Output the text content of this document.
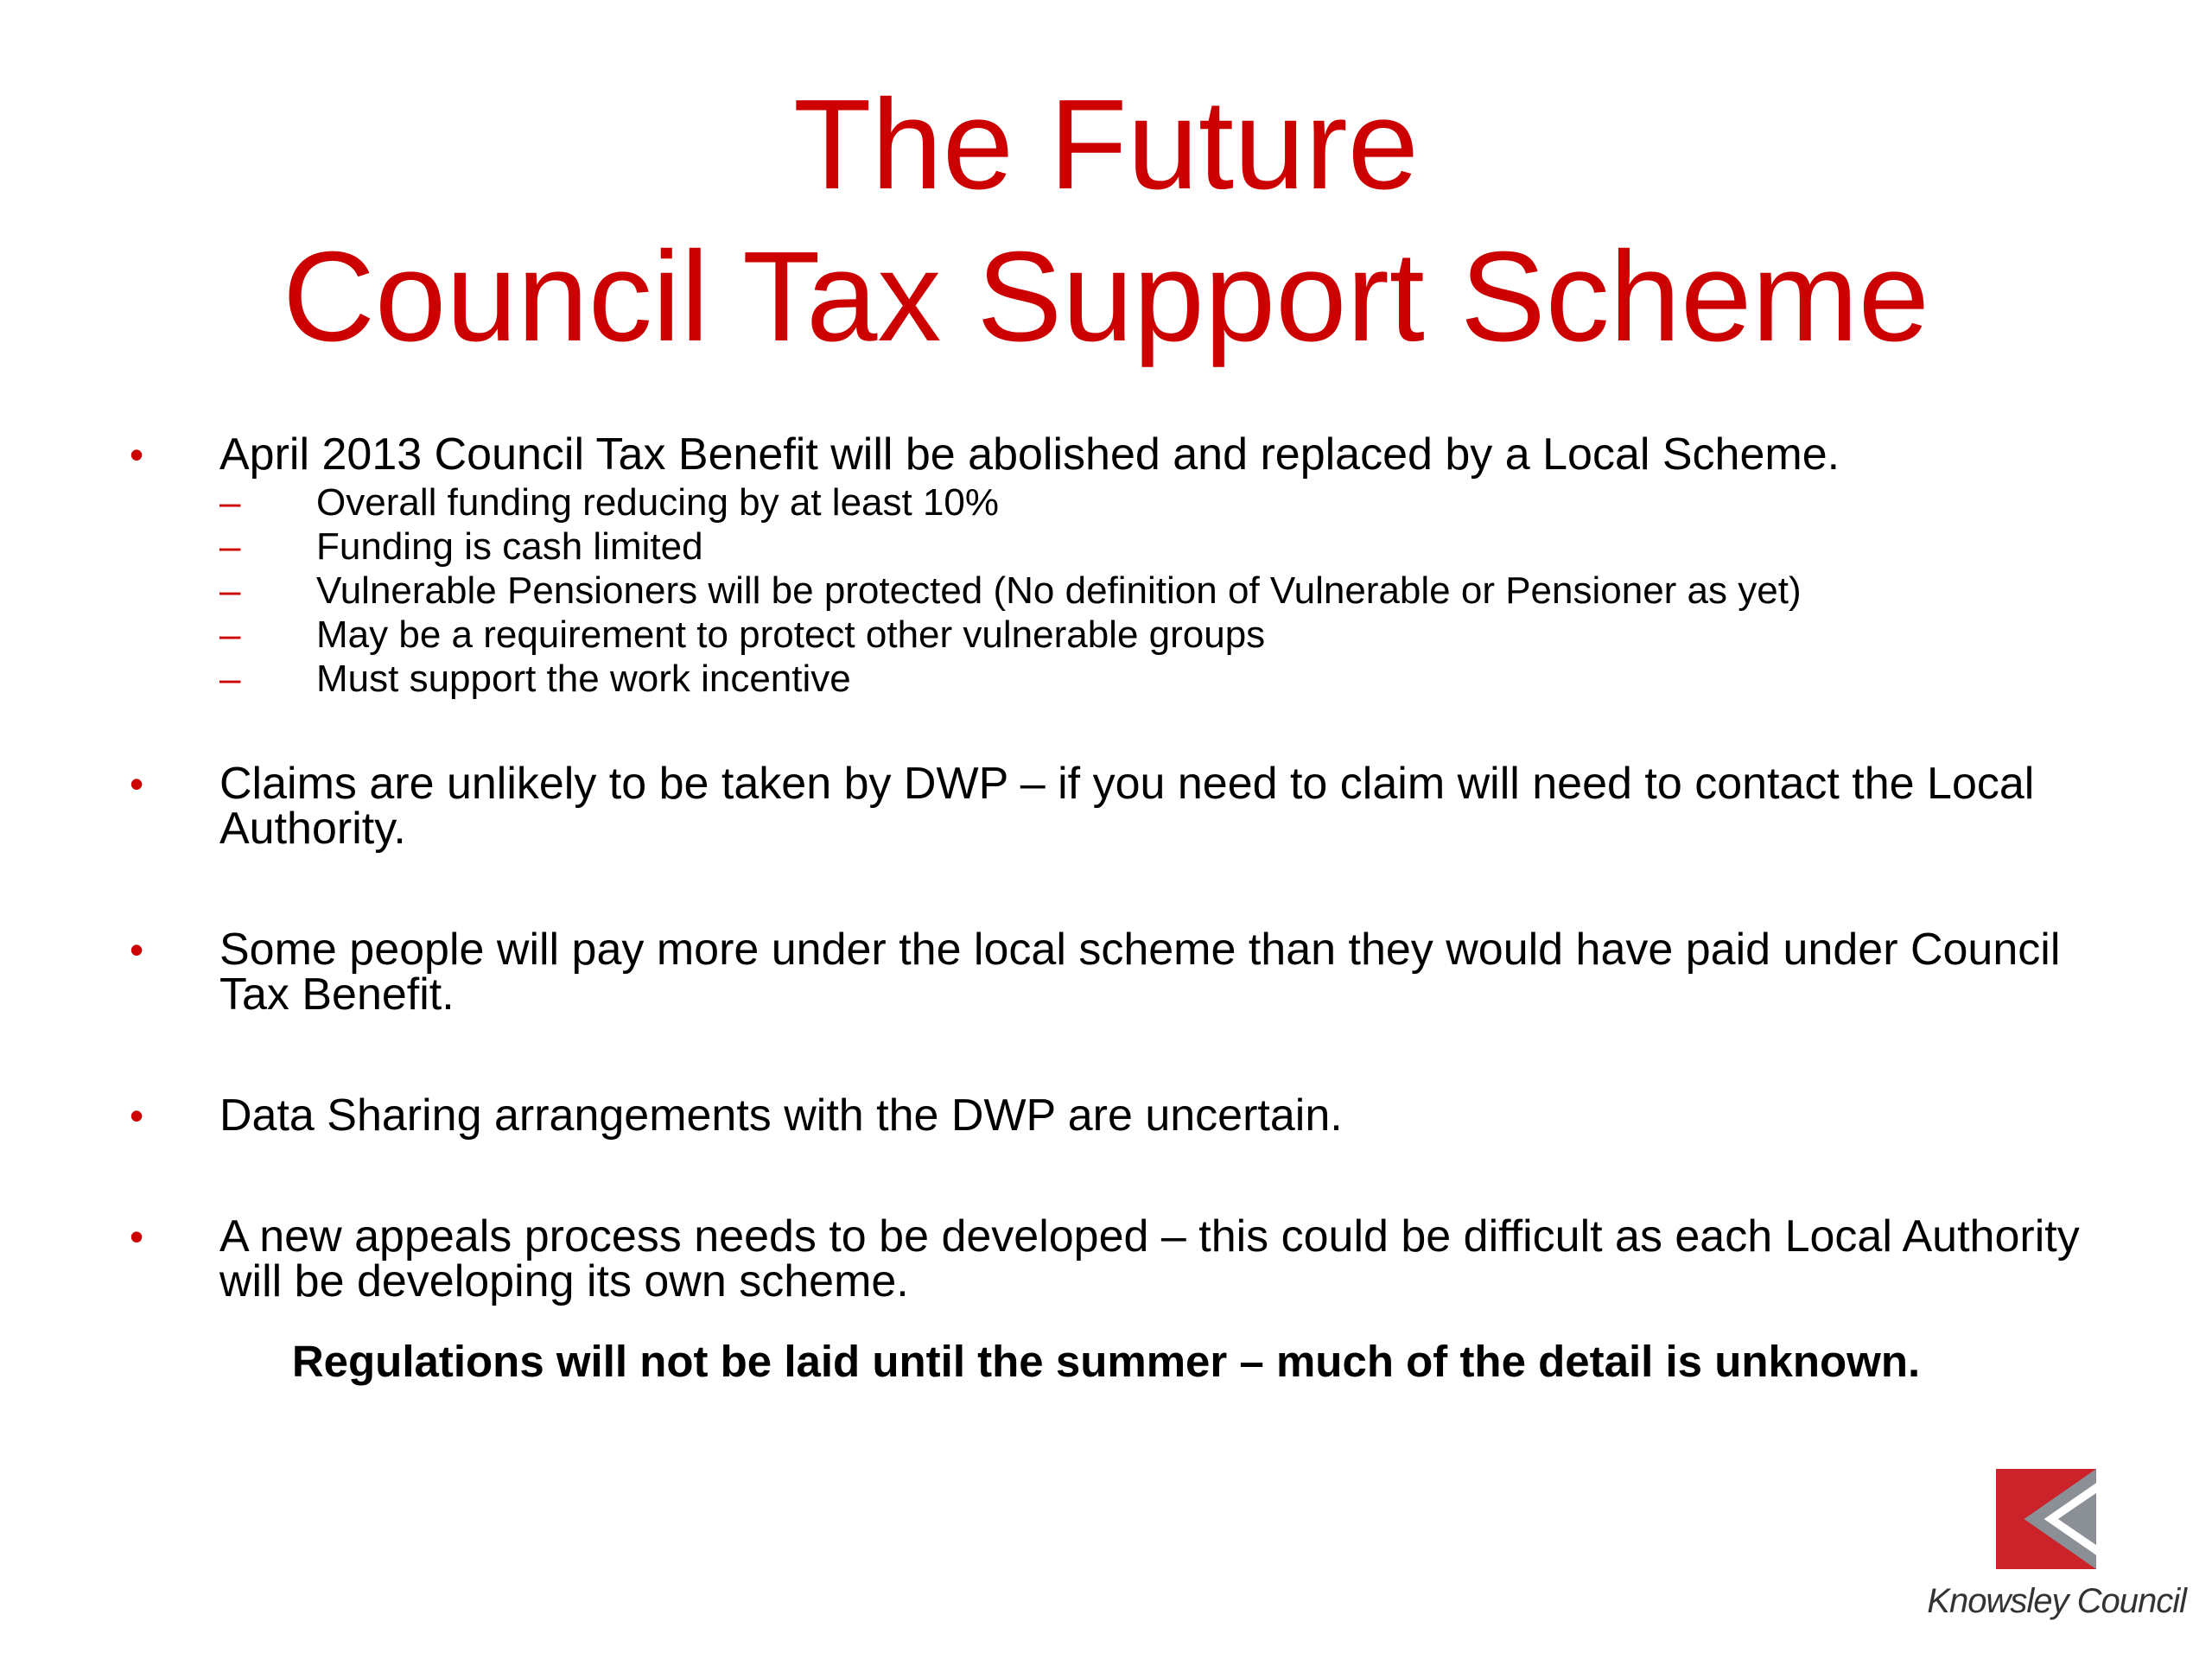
The Future
Council Tax Support Scheme
• April 2013 Council Tax Benefit will be abolished and replaced by a Local Scheme.
– Overall funding reducing by at least 10%
– Funding is cash limited
– Vulnerable Pensioners will be protected (No definition of Vulnerable or Pensioner as yet)
– May be a requirement to protect other vulnerable groups
– Must support the work incentive
• Claims are unlikely to be taken by DWP – if you need to claim will need to contact the Local Authority.
• Some people will pay more under the local scheme than they would have paid under Council Tax Benefit.
• Data Sharing arrangements with the DWP are uncertain.
• A new appeals process needs to be developed – this could be difficult as each Local Authority will be developing its own scheme.
Regulations will not be laid until the summer – much of the detail is unknown.
Knowsley Council
